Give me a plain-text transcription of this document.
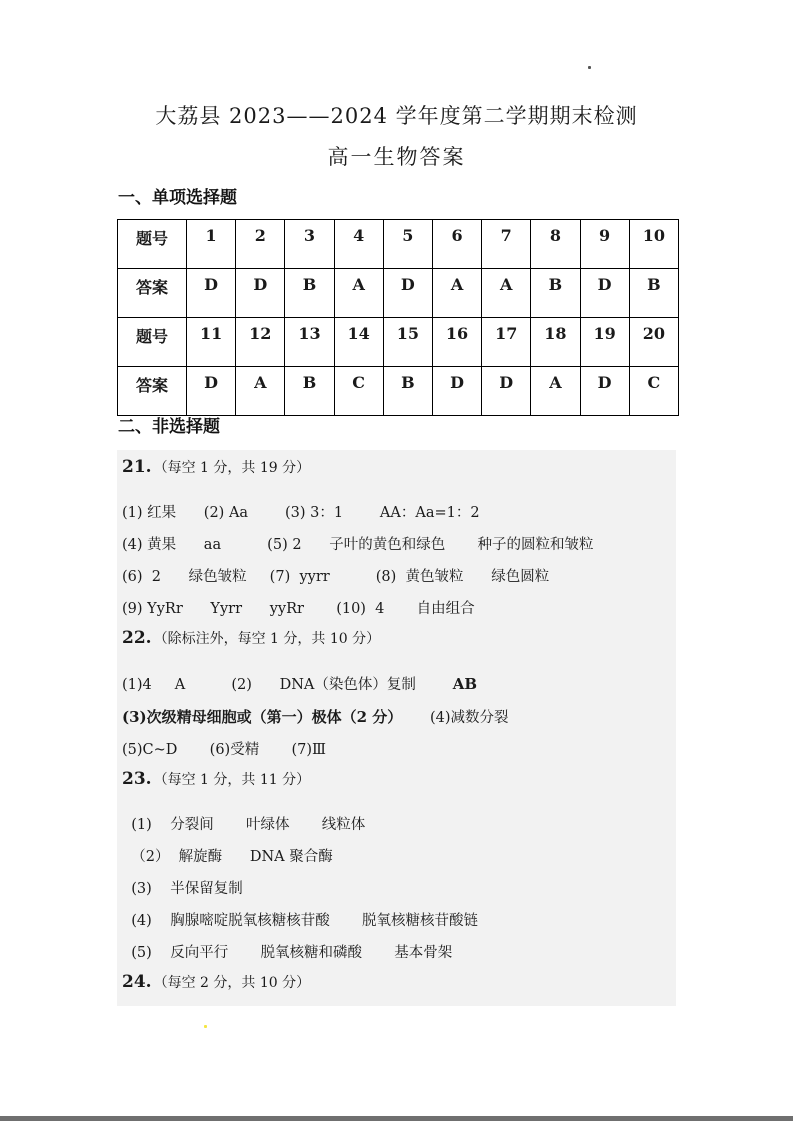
大荔县 2023——2024 学年度第二学期期末检测
高一生物答案
一、单项选择题
题号	1	2	3	4	5	6	7	8	9	10
答案	D	D	B	A	D	A	A	B	D	B
题号	11	12	13	14	15	16	17	18	19	20
答案	D	A	B	C	B	D	D	A	D	C
二、非选择题
21. （每空 1 分，共 19 分）
(1) 红果      (2) Aa        (3) 3：1        AA：Aa=1：2
(4) 黄果      aa          (5) 2      子叶的黄色和绿色       种子的圆粒和皱粒
(6)  2      绿色皱粒     (7)  yyrr          (8)  黄色皱粒      绿色圆粒
(9) YyRr      Yyrr      yyRr       (10)  4       自由组合
22. （除标注外，每空 1 分，共 10 分）
(1)4     A          (2)      DNA（染色体）复制        AB
(3)次级精母细胞或（第一）极体（2 分）      (4)减数分裂
(5)C~D       (6)受精       (7)Ⅲ
23. （每空 1 分，共 11 分）
(1)    分裂间       叶绿体       线粒体
（2）  解旋酶      DNA 聚合酶
(3)    半保留复制
(4)    胸腺嘧啶脱氧核糖核苷酸       脱氧核糖核苷酸链
(5)    反向平行       脱氧核糖和磷酸       基本骨架
24. （每空 2 分，共 10 分）
